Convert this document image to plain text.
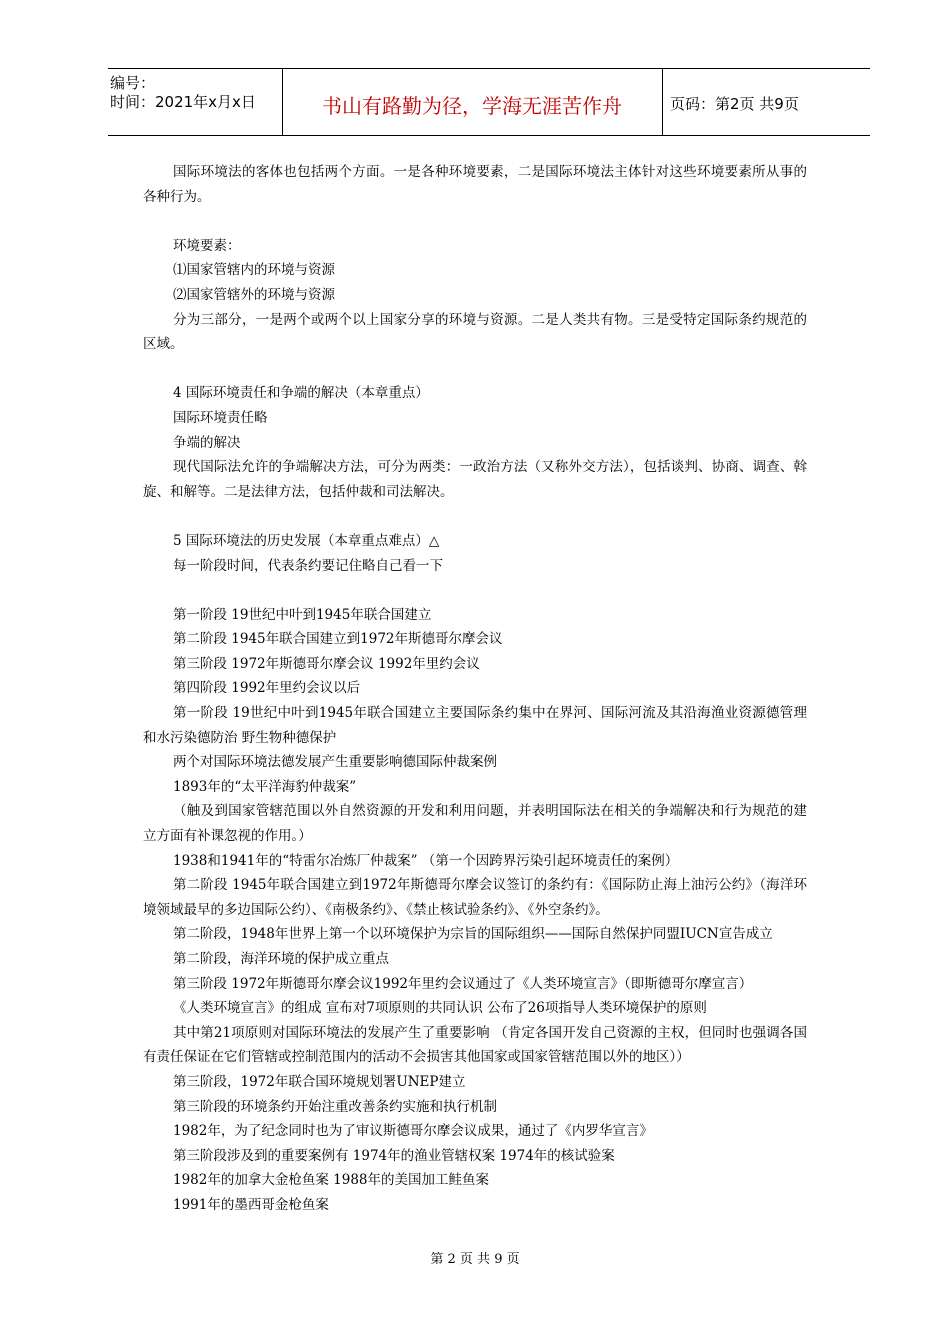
编号：
时间：2021年x月x日	书山有路勤为径，学海无涯苦作舟	页码：第2页 共9页

国际环境法的客体也包括两个方面。一是各种环境要素，二是国际环境法主体针对这些环境要素所从事的各种行为。

环境要素：

⑴国家管辖内的环境与资源

⑵国家管辖外的环境与资源

分为三部分，一是两个或两个以上国家分享的环境与资源。二是人类共有物。三是受特定国际条约规范的区域。

4 国际环境责任和争端的解决（本章重点）

国际环境责任略

争端的解决

现代国际法允许的争端解决方法，可分为两类：一政治方法（又称外交方法），包括谈判、协商、调查、斡旋、和解等。二是法律方法，包括仲裁和司法解决。

5 国际环境法的历史发展（本章重点难点）△

每一阶段时间，代表条约要记住略自己看一下

第一阶段 19世纪中叶到1945年联合国建立

第二阶段 1945年联合国建立到1972年斯德哥尔摩会议

第三阶段 1972年斯德哥尔摩会议 1992年里约会议

第四阶段 1992年里约会议以后

第一阶段 19世纪中叶到1945年联合国建立主要国际条约集中在界河、国际河流及其沿海渔业资源德管理和水污染德防治 野生物种德保护

两个对国际环境法德发展产生重要影响德国际仲裁案例

1893年的“太平洋海豹仲裁案”

（触及到国家管辖范围以外自然资源的开发和利用问题，并表明国际法在相关的争端解决和行为规范的建立方面有补课忽视的作用。）

1938和1941年的“特雷尔冶炼厂仲裁案” （第一个因跨界污染引起环境责任的案例）

第二阶段 1945年联合国建立到1972年斯德哥尔摩会议签订的条约有：《国际防止海上油污公约》（海洋环境领域最早的多边国际公约）、《南极条约》、《禁止核试验条约》、《外空条约》。

第二阶段，1948年世界上第一个以环境保护为宗旨的国际组织——国际自然保护同盟IUCN宣告成立

第二阶段，海洋环境的保护成立重点

第三阶段 1972年斯德哥尔摩会议1992年里约会议通过了《人类环境宣言》（即斯德哥尔摩宣言）

《人类环境宣言》的组成 宣布对7项原则的共同认识 公布了26项指导人类环境保护的原则

其中第21项原则对国际环境法的发展产生了重要影响 （肯定各国开发自己资源的主权，但同时也强调各国有责任保证在它们管辖或控制范围内的活动不会损害其他国家或国家管辖范围以外的地区））

第三阶段，1972年联合国环境规划署UNEP建立

第三阶段的环境条约开始注重改善条约实施和执行机制

1982年，为了纪念同时也为了审议斯德哥尔摩会议成果，通过了《内罗华宣言》

第三阶段涉及到的重要案例有 1974年的渔业管辖权案 1974年的核试验案

1982年的加拿大金枪鱼案 1988年的美国加工鲑鱼案

1991年的墨西哥金枪鱼案

第 2 页 共 9 页
